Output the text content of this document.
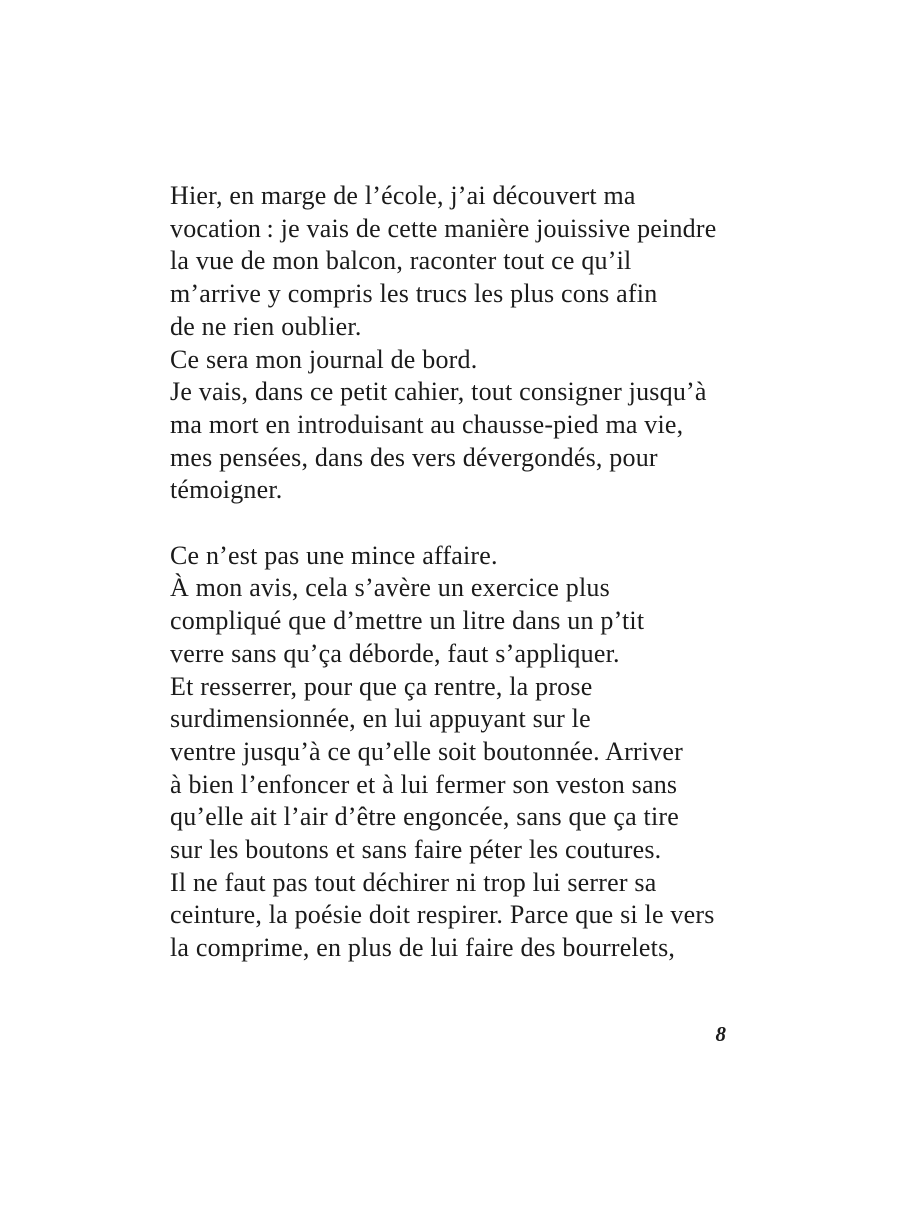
Hier, en marge de l’école, j’ai découvert ma
vocation : je vais de cette manière jouissive peindre
la vue de mon balcon, raconter tout ce qu’il
m’arrive y compris les trucs les plus cons afin
de ne rien oublier.
Ce sera mon journal de bord.
Je vais, dans ce petit cahier, tout consigner jusqu’à
ma mort en introduisant au chausse-pied ma vie,
mes pensées, dans des vers dévergondés, pour
témoigner.

Ce n’est pas une mince affaire.
À mon avis, cela s’avère un exercice plus
compliqué que d’mettre un litre dans un p’tit
verre sans qu’ça déborde, faut s’appliquer.
Et resserrer, pour que ça rentre, la prose
surdimensionnée, en lui appuyant sur le
ventre jusqu’à ce qu’elle soit boutonnée. Arriver
à bien l’enfoncer et à lui fermer son veston sans
qu’elle ait l’air d’être engoncée, sans que ça tire
sur les boutons et sans faire péter les coutures.
Il ne faut pas tout déchirer ni trop lui serrer sa
ceinture, la poésie doit respirer. Parce que si le vers
la comprime, en plus de lui faire des bourrelets,
8
